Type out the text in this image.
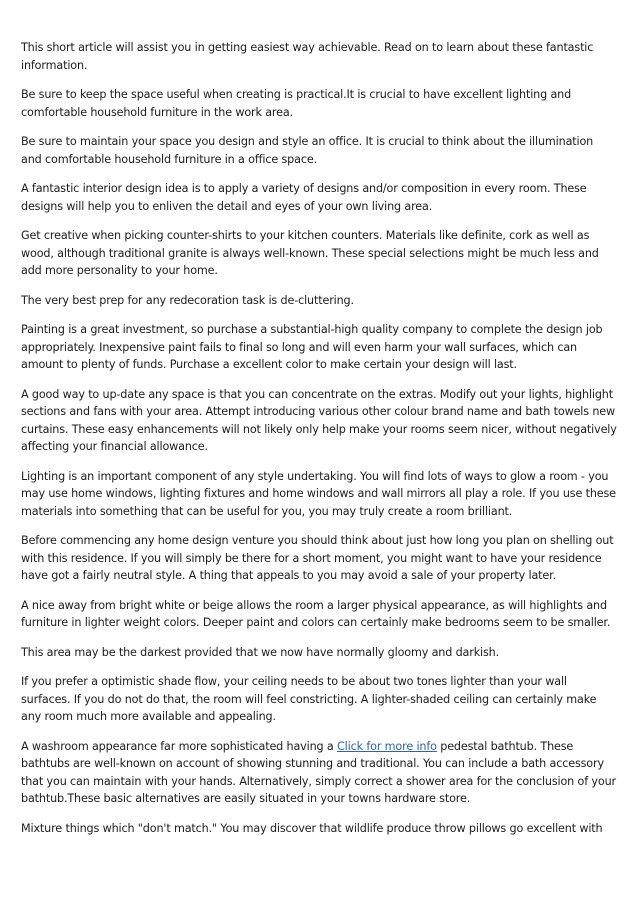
This short article will assist you in getting easiest way achievable. Read on to learn about these fantastic information.

Be sure to keep the space useful when creating is practical.It is crucial to have excellent lighting and comfortable household furniture in the work area.

Be sure to maintain your space you design and style an office. It is crucial to think about the illumination and comfortable household furniture in a office space.

A fantastic interior design idea is to apply a variety of designs and/or composition in every room. These designs will help you to enliven the detail and eyes of your own living area.

Get creative when picking counter-shirts to your kitchen counters. Materials like definite, cork as well as wood, although traditional granite is always well-known. These special selections might be much less and add more personality to your home.

The very best prep for any redecoration task is de-cluttering.

Painting is a great investment, so purchase a substantial-high quality company to complete the design job appropriately. Inexpensive paint fails to final so long and will even harm your wall surfaces, which can amount to plenty of funds. Purchase a excellent color to make certain your design will last.

A good way to up-date any space is that you can concentrate on the extras. Modify out your lights, highlight sections and fans with your area. Attempt introducing various other colour brand name and bath towels new curtains. These easy enhancements will not likely only help make your rooms seem nicer, without negatively affecting your financial allowance.

Lighting is an important component of any style undertaking. You will find lots of ways to glow a room - you may use home windows, lighting fixtures and home windows and wall mirrors all play a role. If you use these materials into something that can be useful for you, you may truly create a room brilliant.

Before commencing any home design venture you should think about just how long you plan on shelling out with this residence. If you will simply be there for a short moment, you might want to have your residence have got a fairly neutral style. A thing that appeals to you may avoid a sale of your property later.

A nice away from bright white or beige allows the room a larger physical appearance, as will highlights and furniture in lighter weight colors. Deeper paint and colors can certainly make bedrooms seem to be smaller.

This area may be the darkest provided that we now have normally gloomy and darkish.

If you prefer a optimistic shade flow, your ceiling needs to be about two tones lighter than your wall surfaces. If you do not do that, the room will feel constricting. A lighter-shaded ceiling can certainly make any room much more available and appealing.

A washroom appearance far more sophisticated having a Click for more info pedestal bathtub. These bathtubs are well-known on account of showing stunning and traditional. You can include a bath accessory that you can maintain with your hands. Alternatively, simply correct a shower area for the conclusion of your bathtub.These basic alternatives are easily situated in your towns hardware store.

Mixture things which "don't match." You may discover that wildlife produce throw pillows go excellent with
